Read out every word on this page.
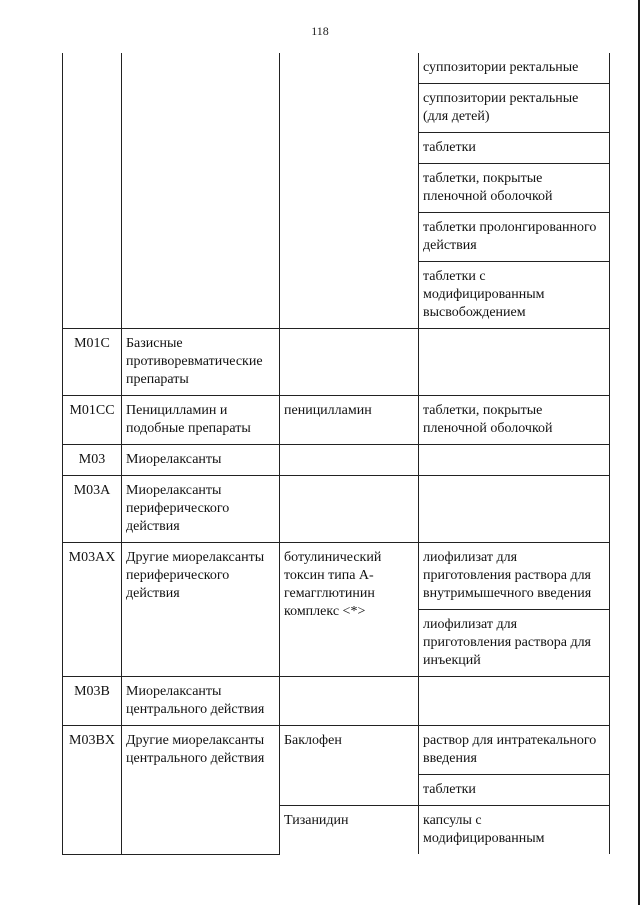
118
			суппозитории ректальные
			суппозитории ректальные (для детей)
			таблетки
			таблетки, покрытые пленочной оболочкой
			таблетки пролонгированного действия
			таблетки с модифицированным высвобождением
M01C	Базисные противоревматические препараты		
M01CC	Пеницилламин и подобные препараты	пеницилламин	таблетки, покрытые пленочной оболочкой
M03	Миорелаксанты		
M03A	Миорелаксанты периферического действия		
M03AX	Другие миорелаксанты периферического действия	ботулинический токсин типа А-гемагглютинин комплекс <*>	лиофилизат для приготовления раствора для внутримышечного введения
			лиофилизат для приготовления раствора для инъекций
M03B	Миорелаксанты центрального действия		
M03BX	Другие миорелаксанты центрального действия	Баклофен	раствор для интратекального введения
			таблетки
		Тизанидин	капсулы с модифицированным
